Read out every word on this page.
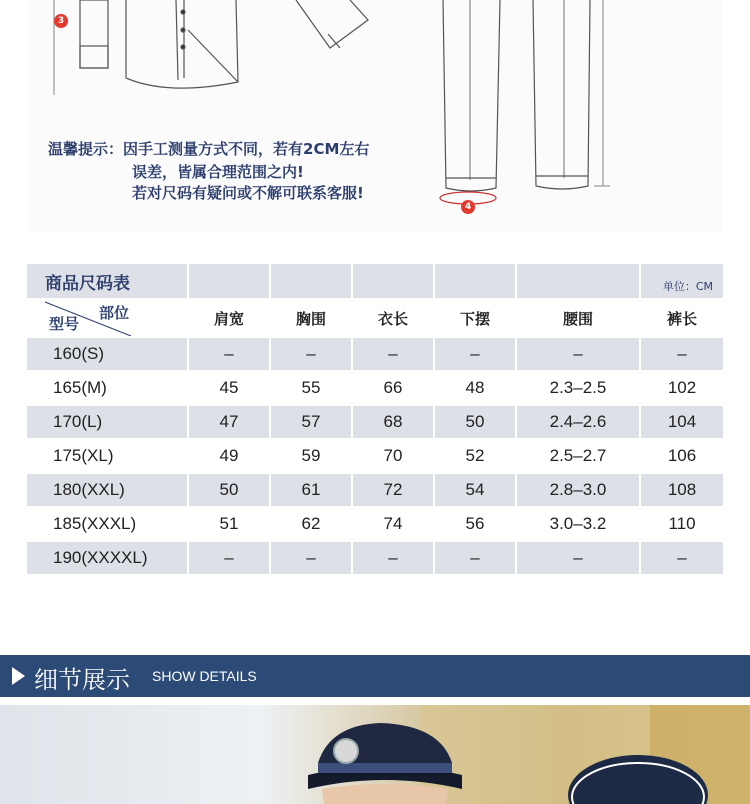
3
4
温馨提示：因手工测量方式不同，若有2CM左右
误差，皆属合理范围之内!
若对尺码有疑问或不解可联系客服!
商品尺码表						单位：CM

部位
型号	肩宽	胸围	衣长	下摆	腰围	裤长
160(S)	–	–	–	–	–	–
165(M)	45	55	66	48	2.3–2.5	102
170(L)	47	57	68	50	2.4–2.6	104
175(XL)	49	59	70	52	2.5–2.7	106
180(XXL)	50	61	72	54	2.8–3.0	108
185(XXXL)	51	62	74	56	3.0–3.2	110
190(XXXXL)	–	–	–	–	–	–
细节展示 SHOW DETAILS
